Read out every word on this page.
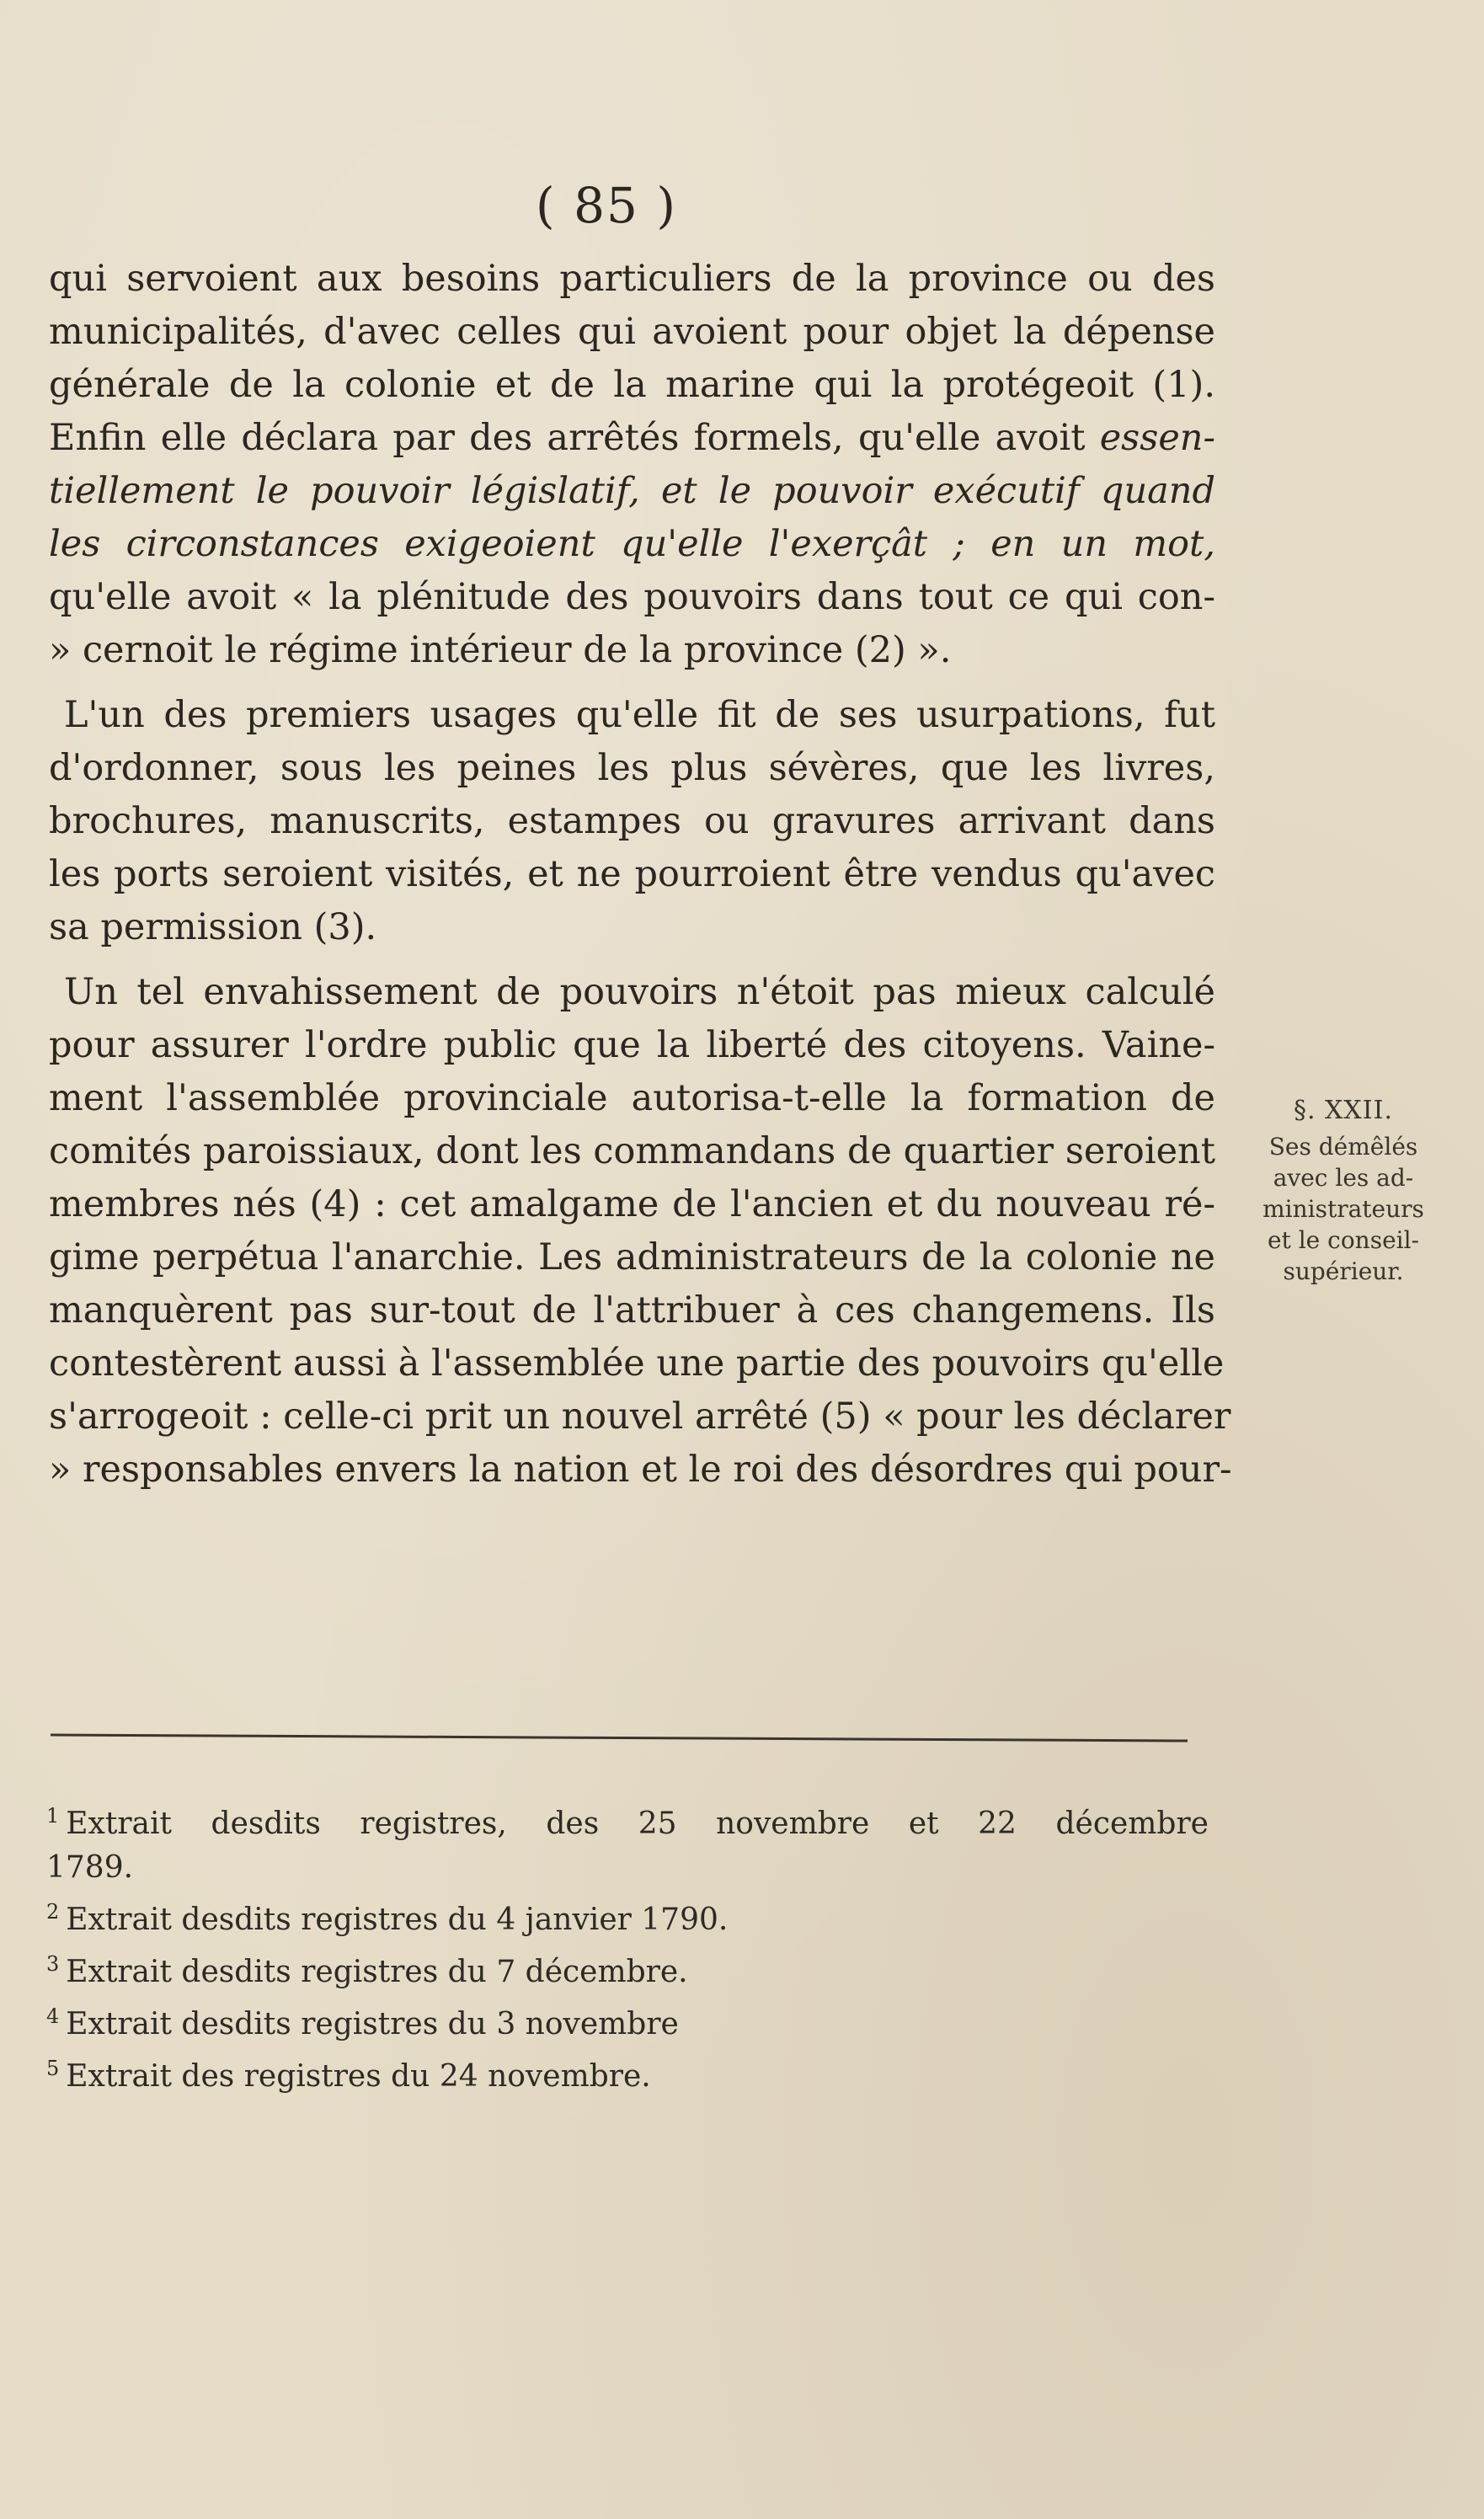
( 85 )
qui servoient aux besoins particuliers de la province ou des
municipalités, d'avec celles qui avoient pour objet la dépense
générale de la colonie et de la marine qui la protégeoit (1).
Enfin elle déclara par des arrêtés formels, qu'elle avoit essen-
tiellement le pouvoir législatif, et le pouvoir exécutif quand
les circonstances exigeoient qu'elle l'exerçât ; en un mot,
qu'elle avoit « la plénitude des pouvoirs dans tout ce qui con-
» cernoit le régime intérieur de la province (2) ».
L'un des premiers usages qu'elle fit de ses usurpations, fut
d'ordonner, sous les peines les plus sévères, que les livres,
brochures, manuscrits, estampes ou gravures arrivant dans
les ports seroient visités, et ne pourroient être vendus qu'avec
sa permission (3).
Un tel envahissement de pouvoirs n'étoit pas mieux calculé
pour assurer l'ordre public que la liberté des citoyens. Vaine-
ment l'assemblée provinciale autorisa-t-elle la formation de
comités paroissiaux, dont les commandans de quartier seroient
membres nés (4) : cet amalgame de l'ancien et du nouveau ré-
gime perpétua l'anarchie. Les administrateurs de la colonie ne
manquèrent pas sur-tout de l'attribuer à ces changemens. Ils
contestèrent aussi à l'assemblée une partie des pouvoirs qu'elle
s'arrogeoit : celle-ci prit un nouvel arrêté (5) « pour les déclarer
» responsables envers la nation et le roi des désordres qui pour-
§. XXII.
Ses démêlés
avec les ad-
ministrateurs
et le conseil-
supérieur.
$^1$ Extrait desdits registres, des 25 novembre et 22 décembre
1789.
$^2$ Extrait desdits registres du 4 janvier 1790.
$^3$ Extrait desdits registres du 7 décembre.
$^4$ Extrait desdits registres du 3 novembre
$^5$ Extrait des registres du 24 novembre.
